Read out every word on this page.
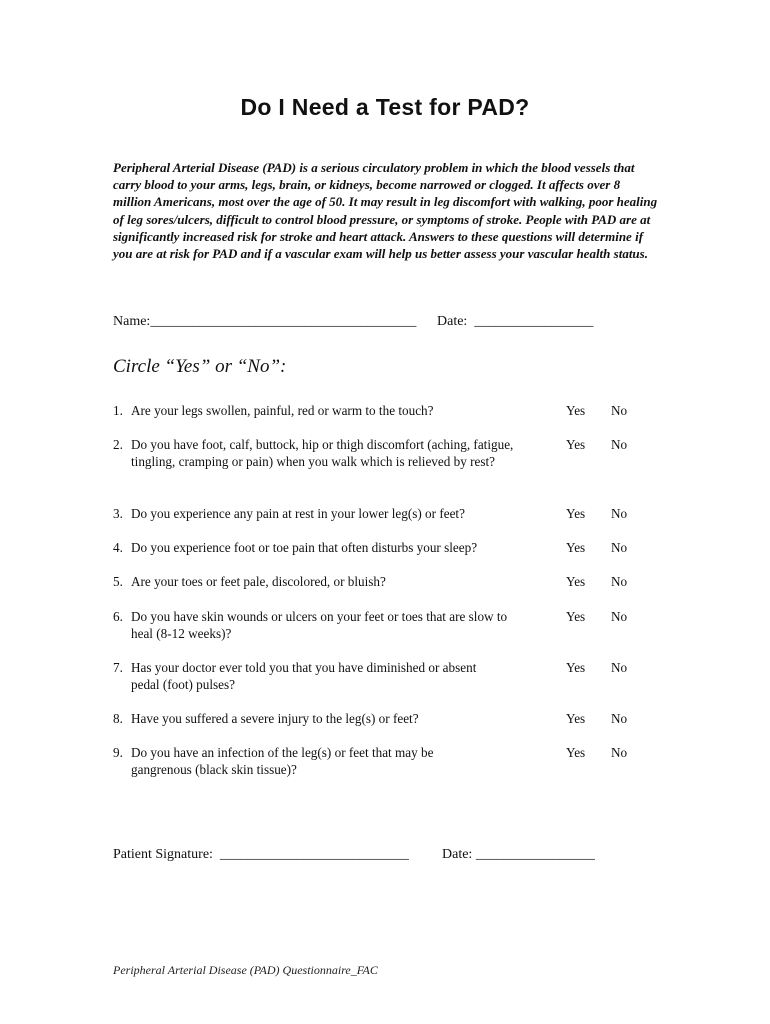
Do I Need a Test for PAD?
Peripheral Arterial Disease (PAD) is a serious circulatory problem in which the blood vessels that carry blood to your arms, legs, brain, or kidneys, become narrowed or clogged. It affects over 8 million Americans, most over the age of 50. It may result in leg discomfort with walking, poor healing of leg sores/ulcers, difficult to control blood pressure, or symptoms of stroke. People with PAD are at significantly increased risk for stroke and heart attack. Answers to these questions will determine if you are at risk for PAD and if a vascular exam will help us better assess your vascular health status.
Name:______________________________________ Date:  _________________
Circle “Yes” or “No”:
1. Are your legs swollen, painful, red or warm to the touch?	Yes No
2. Do you have foot, calf, buttock, hip or thigh discomfort (aching, fatigue, tingling, cramping or pain) when you walk which is relieved by rest?
Yes No
3. Do you experience any pain at rest in your lower leg(s) or feet?	Yes No
4. Do you experience foot or toe pain that often disturbs your sleep?	Yes No
5. Are your toes or feet pale, discolored, or bluish?	Yes No
6. Do you have skin wounds or ulcers on your feet or toes that are slow to heal (8-12 weeks)?
Yes No
7. Has your doctor ever told you that you have diminished or absent pedal (foot) pulses?
Yes No
8. Have you suffered a severe injury to the leg(s) or feet?	Yes No
9. Do you have an infection of the leg(s) or feet that may be gangrenous (black skin tissue)?
Yes No
Patient Signature:  ___________________________ Date: _________________
Peripheral Arterial Disease (PAD) Questionnaire_FAC
